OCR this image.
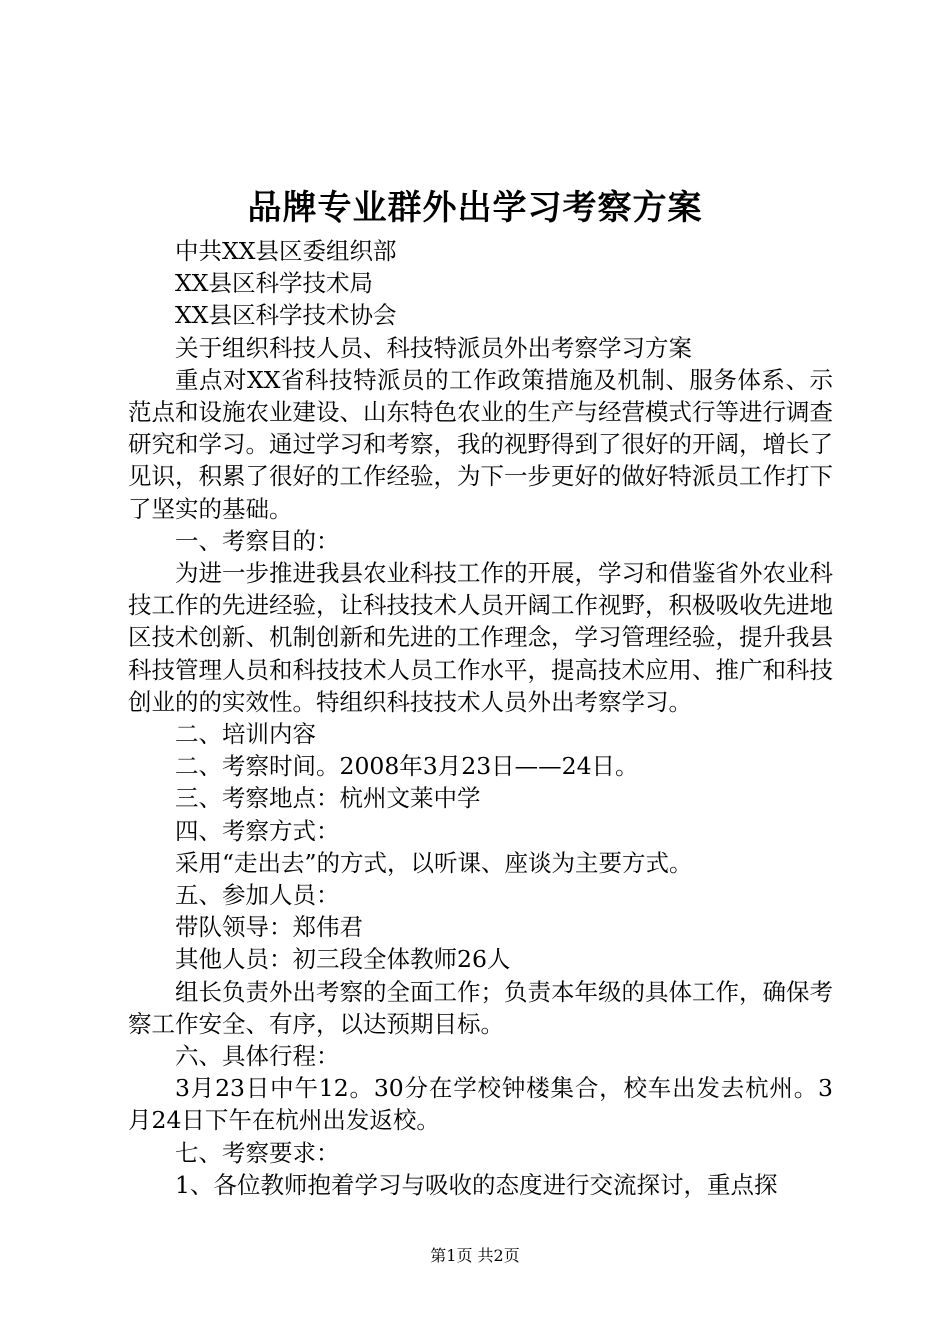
品牌专业群外出学习考察方案

中共XX县区委组织部

XX县区科学技术局

XX县区科学技术协会

关于组织科技人员、科技特派员外出考察学习方案

重点对XX省科技特派员的工作政策措施及机制、服务体系、示范点和设施农业建设、山东特色农业的生产与经营模式行等进行调查研究和学习。通过学习和考察，我的视野得到了很好的开阔，增长了见识，积累了很好的工作经验，为下一步更好的做好特派员工作打下了坚实的基础。

一、考察目的：

为进一步推进我县农业科技工作的开展，学习和借鉴省外农业科技工作的先进经验，让科技技术人员开阔工作视野，积极吸收先进地区技术创新、机制创新和先进的工作理念，学习管理经验，提升我县科技管理人员和科技技术人员工作水平，提高技术应用、推广和科技创业的的实效性。特组织科技技术人员外出考察学习。

二、培训内容

二、考察时间。2008年3月23日——24日。

三、考察地点：杭州文莱中学

四、考察方式：

采用“走出去”的方式，以听课、座谈为主要方式。

五、参加人员：

带队领导：郑伟君

其他人员：初三段全体教师26人

组长负责外出考察的全面工作；负责本年级的具体工作，确保考察工作安全、有序，以达预期目标。

六、具体行程：

3月23日中午12。30分在学校钟楼集合，校车出发去杭州。3月24日下午在杭州出发返校。

七、考察要求：

1、各位教师抱着学习与吸收的态度进行交流探讨，重点探

第1页 共2页
